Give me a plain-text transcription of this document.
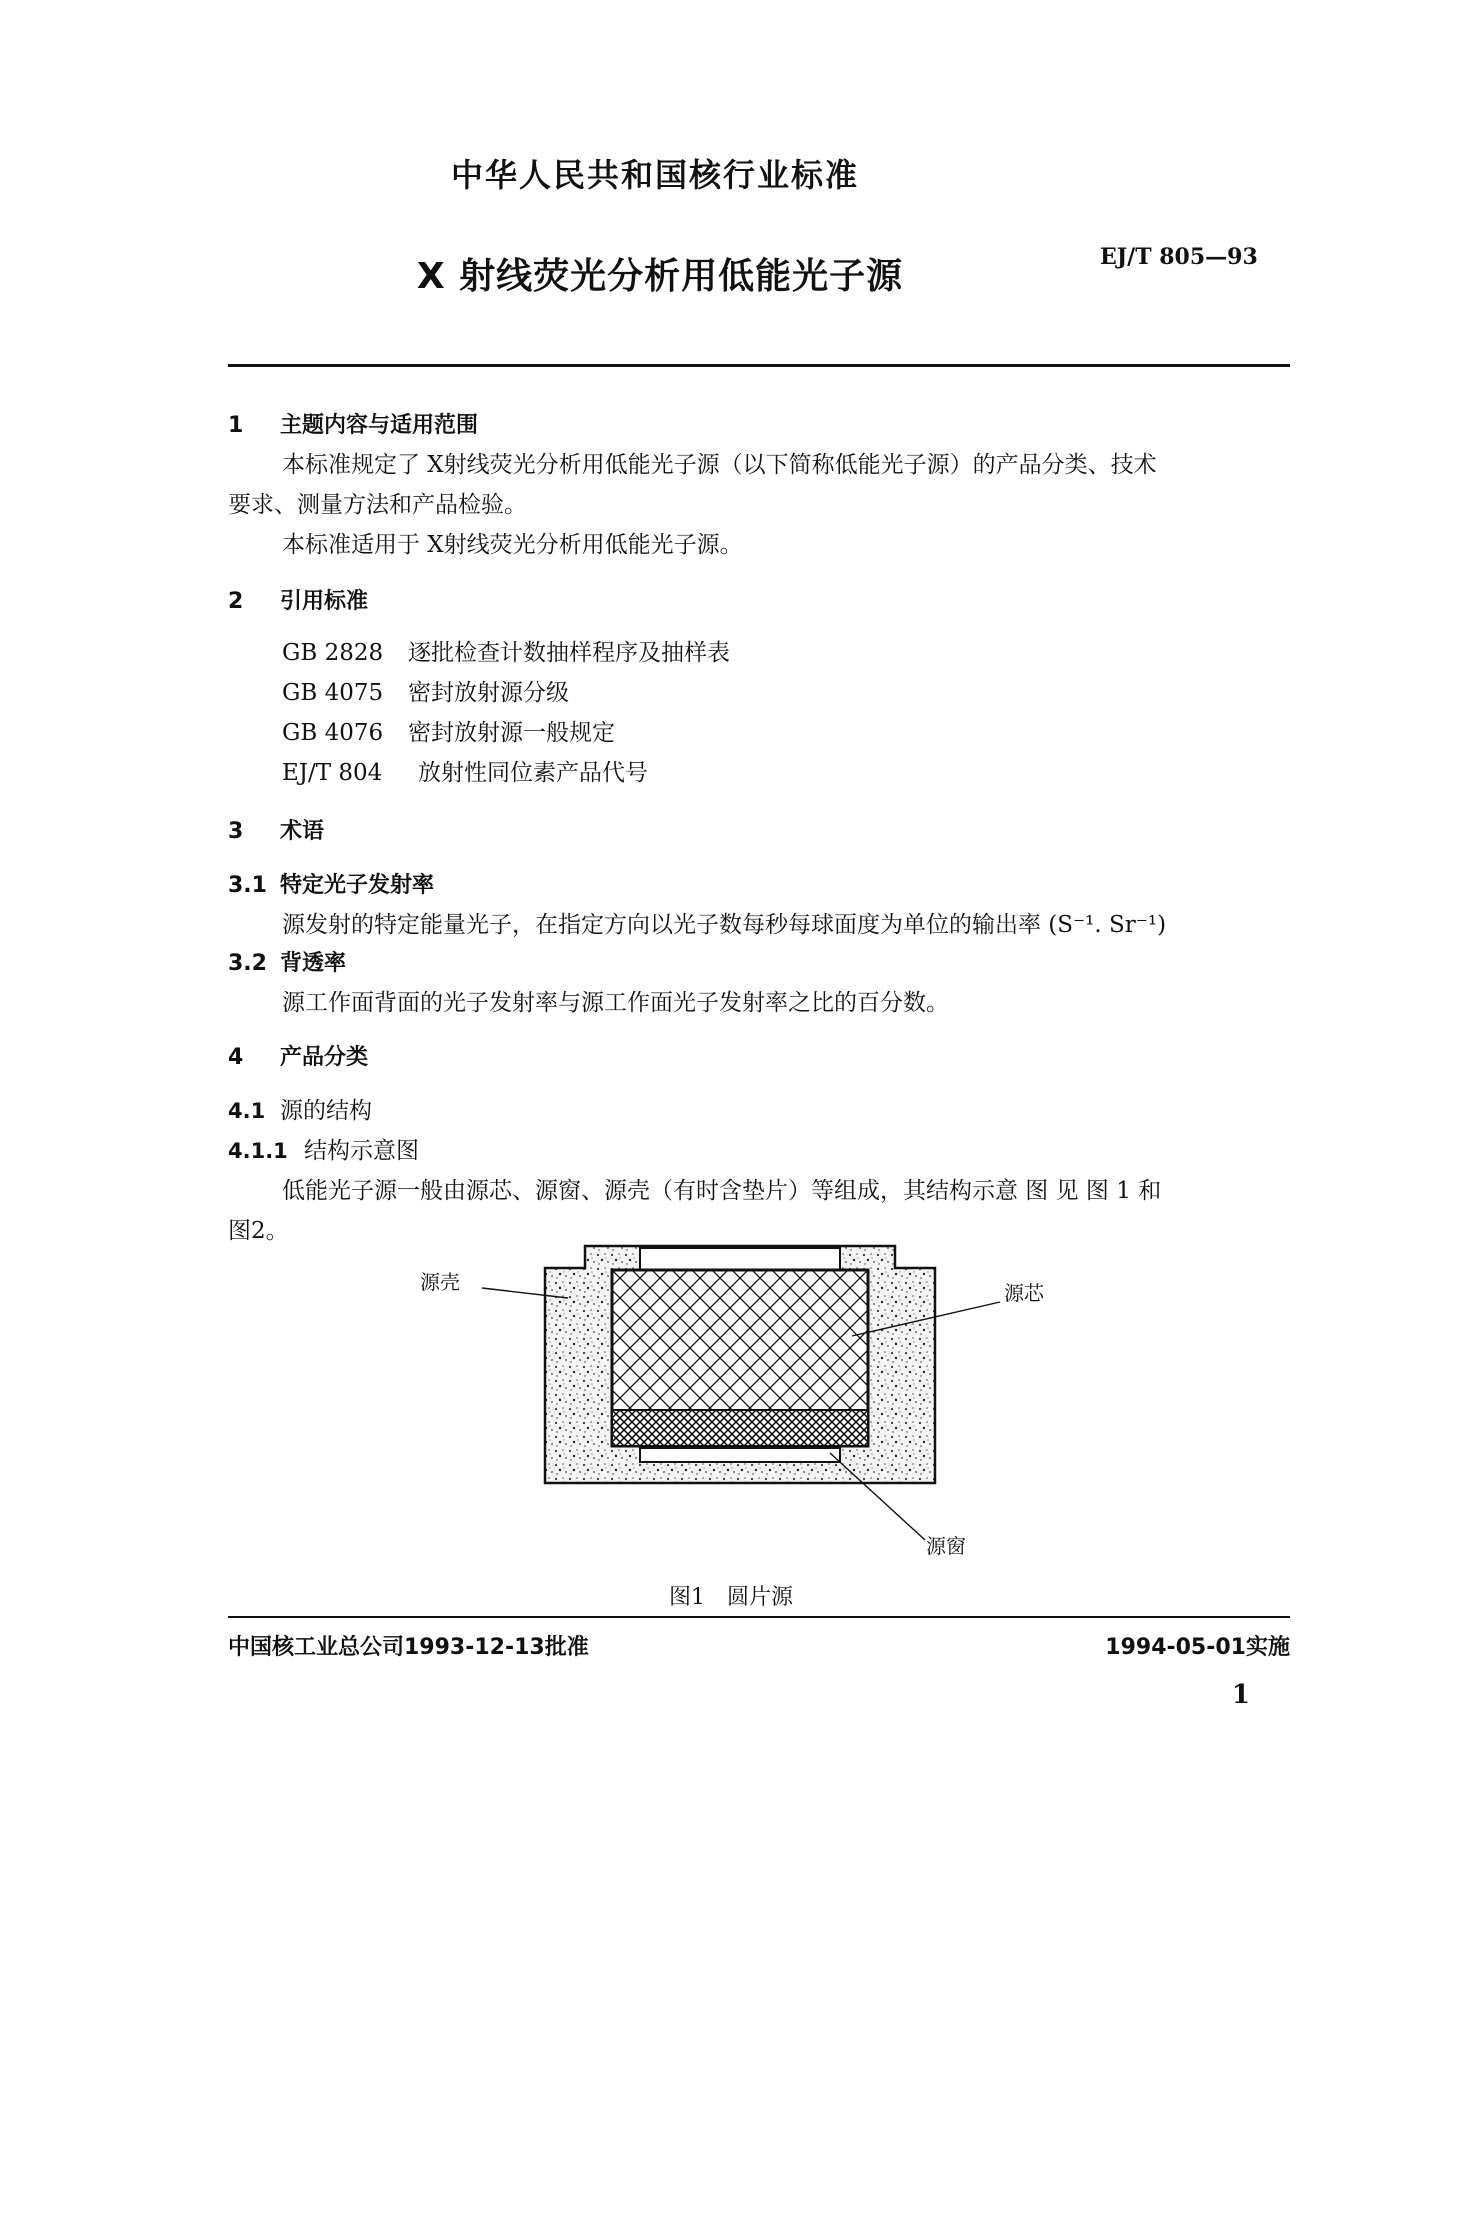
中华人民共和国核行业标准
X 射线荧光分析用低能光子源	EJ/T 805—93
1 主题内容与适用范围
本标准规定了 X射线荧光分析用低能光子源（以下简称低能光子源）的产品分类、技术
要求、测量方法和产品检验。
本标准适用于 X射线荧光分析用低能光子源。
2 引用标准
GB 2828 逐批检查计数抽样程序及抽样表
GB 4075 密封放射源分级
GB 4076 密封放射源一般规定
EJ/T 804 放射性同位素产品代号
3 术语
3.1 特定光子发射率
源发射的特定能量光子，在指定方向以光子数每秒每球面度为单位的输出率 (S⁻¹. Sr⁻¹)
3.2 背透率
源工作面背面的光子发射率与源工作面光子发射率之比的百分数。
4 产品分类
4.1 源的结构
4.1.1 结构示意图
低能光子源一般由源芯、源窗、源壳（有时含垫片）等组成，其结构示意 图 见 图 1 和
图2。
源壳	源芯
源窗
图1　圆片源
中国核工业总公司1993-12-13批准	1994-05-01实施
1
